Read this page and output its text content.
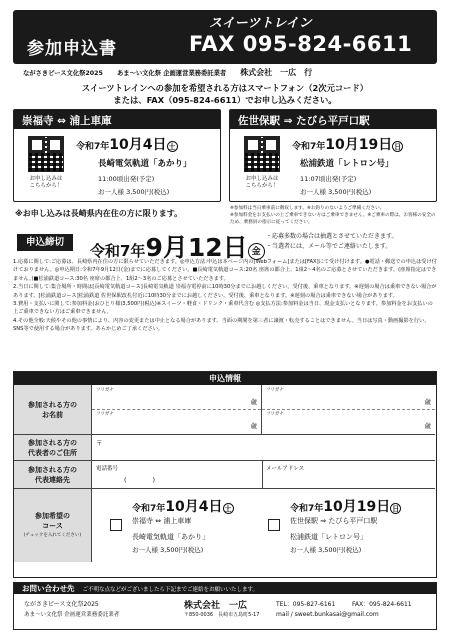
参加申込書
スイーツトレイン
FAX 095-824-6611
ながさきピース文化祭2025 あま～い文化祭 企画運営業務委託業者 株式会社　一広　行
スイーツトレインへの参加を希望される方はスマートフォン（2次元コード）
または、FAX（095-824-6611）でお申し込みください。
崇福寺 ⇔ 浦上車庫
お申し込みは
こちらから！
令和7年10月4日 土
長崎電気軌道「あかり」
11:00頃出発(予定)
お一人様 3,500円(税込)
佐世保駅 ⇒ たびら平戸口駅
お申し込みは
こちらから！
令和7年10月19日 日
松浦鉄道「レトロン号」
11:07頃出発(予定)
お一人様 3,500円(税込)
※お申し込みは長崎県内在住の方に限ります。
※参加料は当日乗車前に徴収します。※お釣りのないようご準備ください。
※参加料金をお支払いの上ご乗車できない方はご乗車できません。※ご乗車の際は、お客様の安全のため、乗務員の指示に従ってください。
申込締切	令和7年9月12日 金
・応募多数の場合は抽選とさせていただきます。
・当選者には、メール等でご連絡いたします。

1.応募に関して:ご応募は、長崎県内在住の方に限らせていただきます。◎申込方法:申込は本ページ内の[Webフォーム]または[FAX]にて受け付けます。●電話・郵送での申込は受け付けておりません。◎申込期日:令和7年9月12日(金)までに応募してください。■長崎電気軌道コース:20名 座席の都合上、1組2～4名のご応募とさせていただきます。(座席指定はできません。)■松浦鉄道コース:30名 座席の都合上、1組2～3名のご応募とさせていただきます。

2.当日に関して:集合場所・時間は[長崎電気軌道コース]長崎電気軌道 崇福寺電停前に10時30分までにお越しください。受付後、乗車となります。※遅刻の場合は乗車できない場合があります。[松浦鉄道コース]松浦鉄道 佐世保駅改札付近に10時30分までにお越しください。受付後、乗車となります。※遅刻の場合は乗車できない場合があります。

3.費用・支払いに関して:参加料金(おひとり様)3,500円(税込)※スイーツ・軽食・ドリンク・乗車代含む ◎支払方法:参加料金は当日、現金支払いとなります。参加料金をお支払いの上ご乗車できない方はご乗車できません。

4.その他全般:天候やその他の事情により、内容の変更または中止となる場合があります。当面の期間を第三者に譲渡・転売することはできません。当日は写真・動画撮影を行い、SNS等で使用する場合があります。あらかじめご了承ください。

申込情報
参加される方の
お名前
フリガナ
フリガナ
歳
歳
フリガナ
フリガナ
歳
歳
参加される方の
代表者のご住所
〒
参加される方の
代表連絡先
電話番号
(　　　　)
メールアドレス
参加希望の
コース
(チェックを入れてください)
令和7年10月4日 土
崇福寺 ⇔ 浦上車庫
長崎電気軌道「あかり」
お一人様 3,500円(税込)
令和7年10月19日 日
佐世保駅 ⇒ たびら平戸口駅
松浦鉄道「レトロン号」
お一人様 3,500円(税込)
お問い合わせ先 ご不明な点などがございましたら下記までご連絡をお願いいたします。
ながさきピース文化祭2025
あま～い文化祭 企画運営業務委託業者
株式会社　一広
〒850-0036　長崎市五島町5-17
TEL：095-827-6161	FAX：095-824-6611
mail / sweet.bunkasai@gmail.com
